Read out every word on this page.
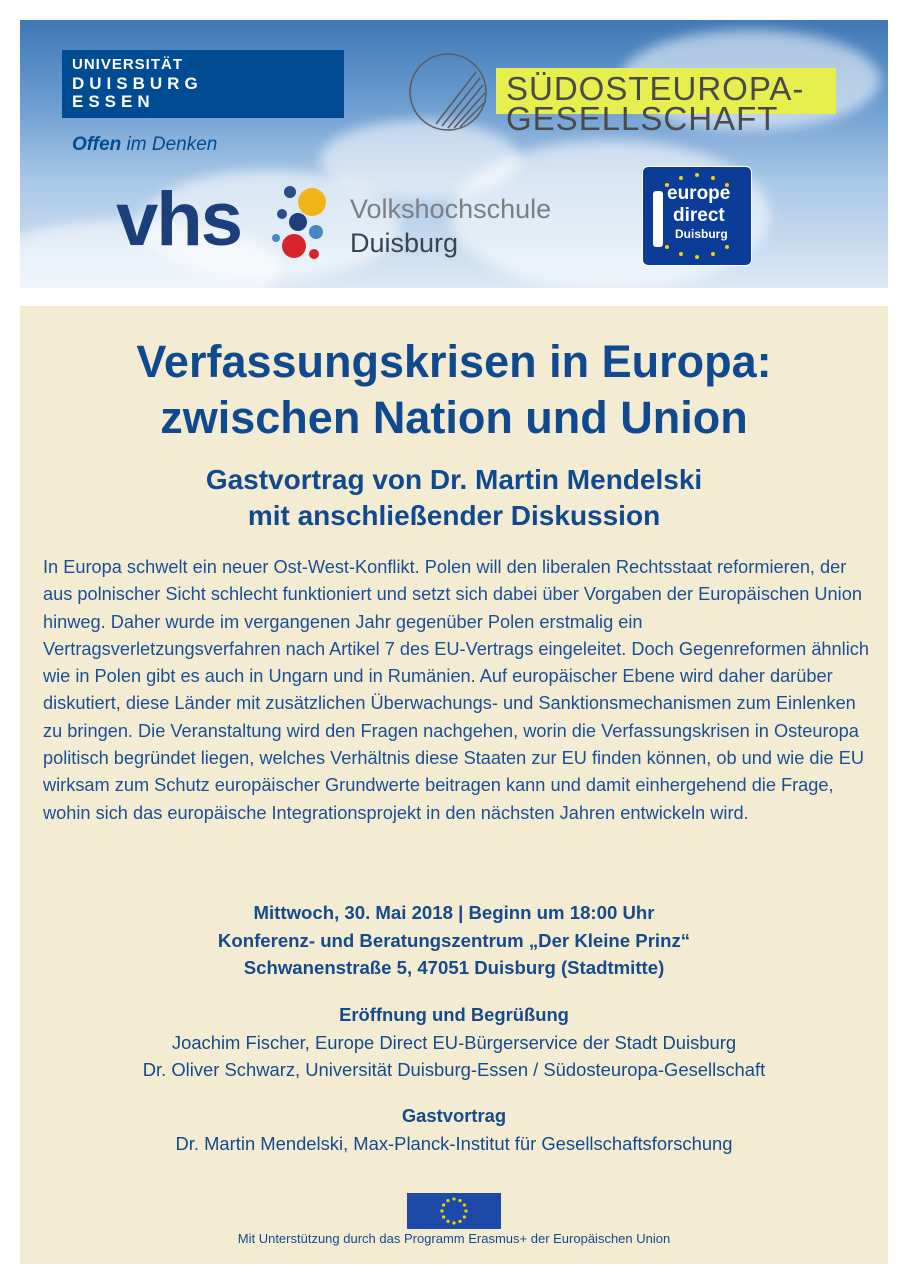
UNIVERSITÄT
DUISBURG
ESSEN
Offen im Denken
SÜDOSTEUROPA-
GESELLSCHAFT
vhs	Volkshochschule
Duisburg
europe
direct
Duisburg
Verfassungskrisen in Europa:
zwischen Nation und Union
Gastvortrag von Dr. Martin Mendelski
mit anschließender Diskussion
In Europa schwelt ein neuer Ost-West-Konflikt. Polen will den liberalen Rechtsstaat reformieren, der aus polnischer Sicht schlecht funktioniert und setzt sich dabei über Vorgaben der Europäischen Union hinweg. Daher wurde im vergangenen Jahr gegenüber Polen erstmalig ein Vertragsverletzungsverfahren nach Artikel 7 des EU-Vertrags eingeleitet. Doch Gegenreformen ähnlich wie in Polen gibt es auch in Ungarn und in Rumänien. Auf europäischer Ebene wird daher darüber diskutiert, diese Länder mit zusätzlichen Überwachungs- und Sanktionsmechanismen zum Einlenken zu bringen. Die Veranstaltung wird den Fragen nachgehen, worin die Verfassungskrisen in Osteuropa politisch begründet liegen, welches Verhältnis diese Staaten zur EU finden können, ob und wie die EU wirksam zum Schutz europäischer Grundwerte beitragen kann und damit einhergehend die Frage, wohin sich das europäische Integrationsprojekt in den nächsten Jahren entwickeln wird.
Mittwoch, 30. Mai 2018 | Beginn um 18:00 Uhr
Konferenz- und Beratungszentrum „Der Kleine Prinz“
Schwanenstraße 5, 47051 Duisburg (Stadtmitte)
Eröffnung und Begrüßung
Joachim Fischer, Europe Direct EU-Bürgerservice der Stadt Duisburg
Dr. Oliver Schwarz, Universität Duisburg-Essen / Südosteuropa-Gesellschaft
Gastvortrag
Dr. Martin Mendelski, Max-Planck-Institut für Gesellschaftsforschung
Mit Unterstützung durch das Programm Erasmus+ der Europäischen Union
